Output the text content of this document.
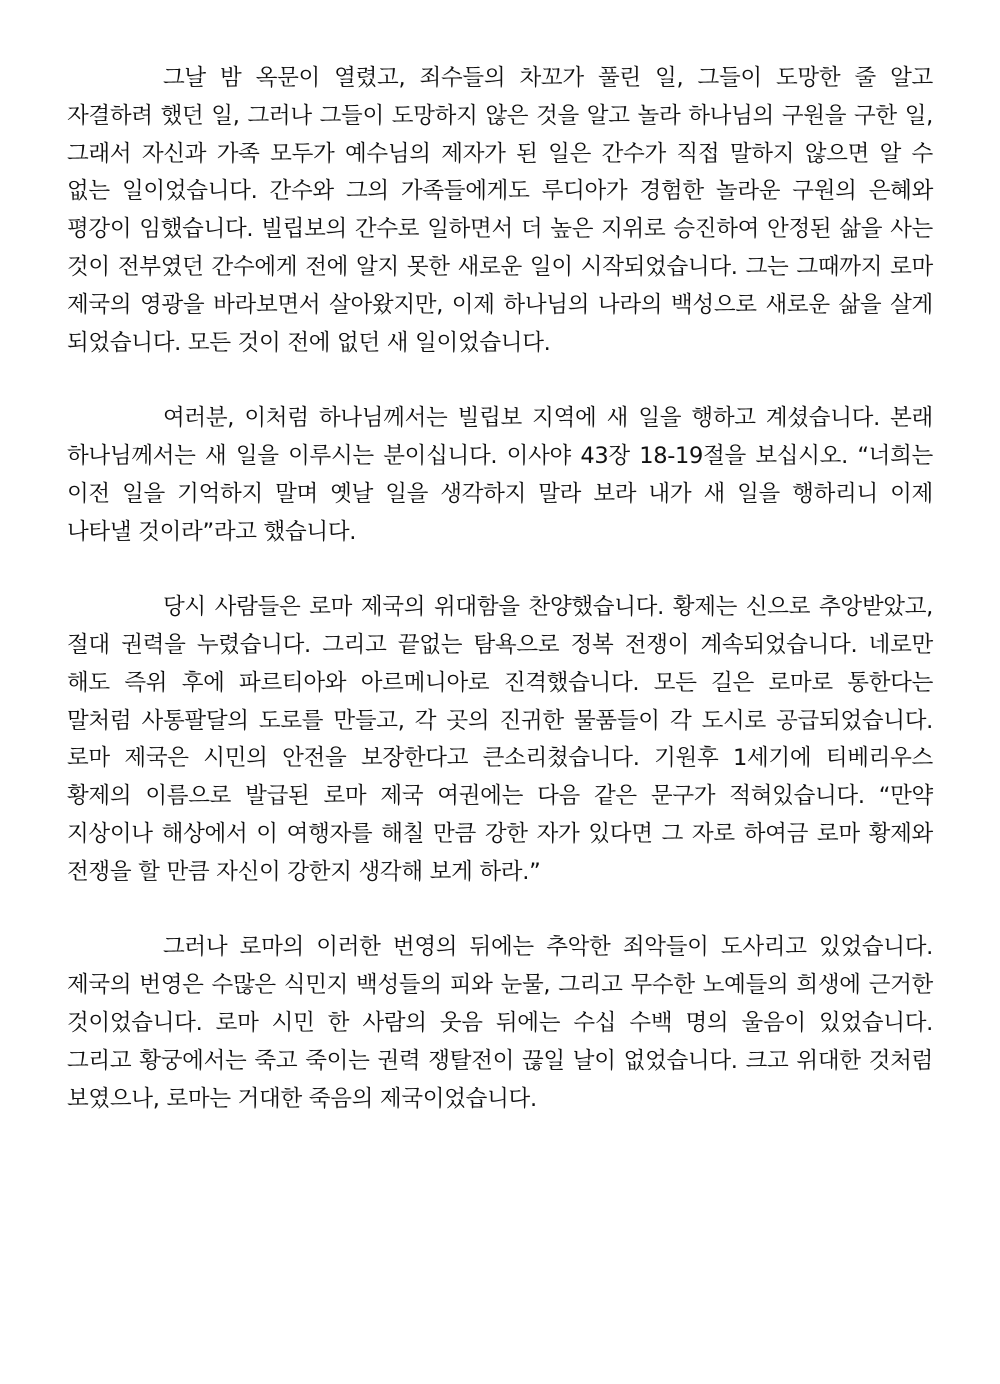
그날 밤 옥문이 열렸고, 죄수들의 차꼬가 풀린 일, 그들이 도망한 줄 알고 자결하려 했던 일, 그러나 그들이 도망하지 않은 것을 알고 놀라 하나님의 구원을 구한 일, 그래서 자신과 가족 모두가 예수님의 제자가 된 일은 간수가 직접 말하지 않으면 알 수 없는 일이었습니다. 간수와 그의 가족들에게도 루디아가 경험한 놀라운 구원의 은혜와 평강이 임했습니다. 빌립보의 간수로 일하면서 더 높은 지위로 승진하여 안정된 삶을 사는 것이 전부였던 간수에게 전에 알지 못한 새로운 일이 시작되었습니다. 그는 그때까지 로마 제국의 영광을 바라보면서 살아왔지만, 이제 하나님의 나라의 백성으로 새로운 삶을 살게 되었습니다. 모든 것이 전에 없던 새 일이었습니다.

여러분, 이처럼 하나님께서는 빌립보 지역에 새 일을 행하고 계셨습니다. 본래 하나님께서는 새 일을 이루시는 분이십니다. 이사야 43장 18-19절을 보십시오. “너희는 이전 일을 기억하지 말며 옛날 일을 생각하지 말라 보라 내가 새 일을 행하리니 이제 나타낼 것이라”라고 했습니다.

당시 사람들은 로마 제국의 위대함을 찬양했습니다. 황제는 신으로 추앙받았고, 절대 권력을 누렸습니다. 그리고 끝없는 탐욕으로 정복 전쟁이 계속되었습니다. 네로만 해도 즉위 후에 파르티아와 아르메니아로 진격했습니다. 모든 길은 로마로 통한다는 말처럼 사통팔달의 도로를 만들고, 각 곳의 진귀한 물품들이 각 도시로 공급되었습니다. 로마 제국은 시민의 안전을 보장한다고 큰소리쳤습니다. 기원후 1세기에 티베리우스 황제의 이름으로 발급된 로마 제국 여권에는 다음 같은 문구가 적혀있습니다. “만약 지상이나 해상에서 이 여행자를 해칠 만큼 강한 자가 있다면 그 자로 하여금 로마 황제와 전쟁을 할 만큼 자신이 강한지 생각해 보게 하라.”

그러나 로마의 이러한 번영의 뒤에는 추악한 죄악들이 도사리고 있었습니다. 제국의 번영은 수많은 식민지 백성들의 피와 눈물, 그리고 무수한 노예들의 희생에 근거한 것이었습니다. 로마 시민 한 사람의 웃음 뒤에는 수십 수백 명의 울음이 있었습니다. 그리고 황궁에서는 죽고 죽이는 권력 쟁탈전이 끊일 날이 없었습니다. 크고 위대한 것처럼 보였으나, 로마는 거대한 죽음의 제국이었습니다.
